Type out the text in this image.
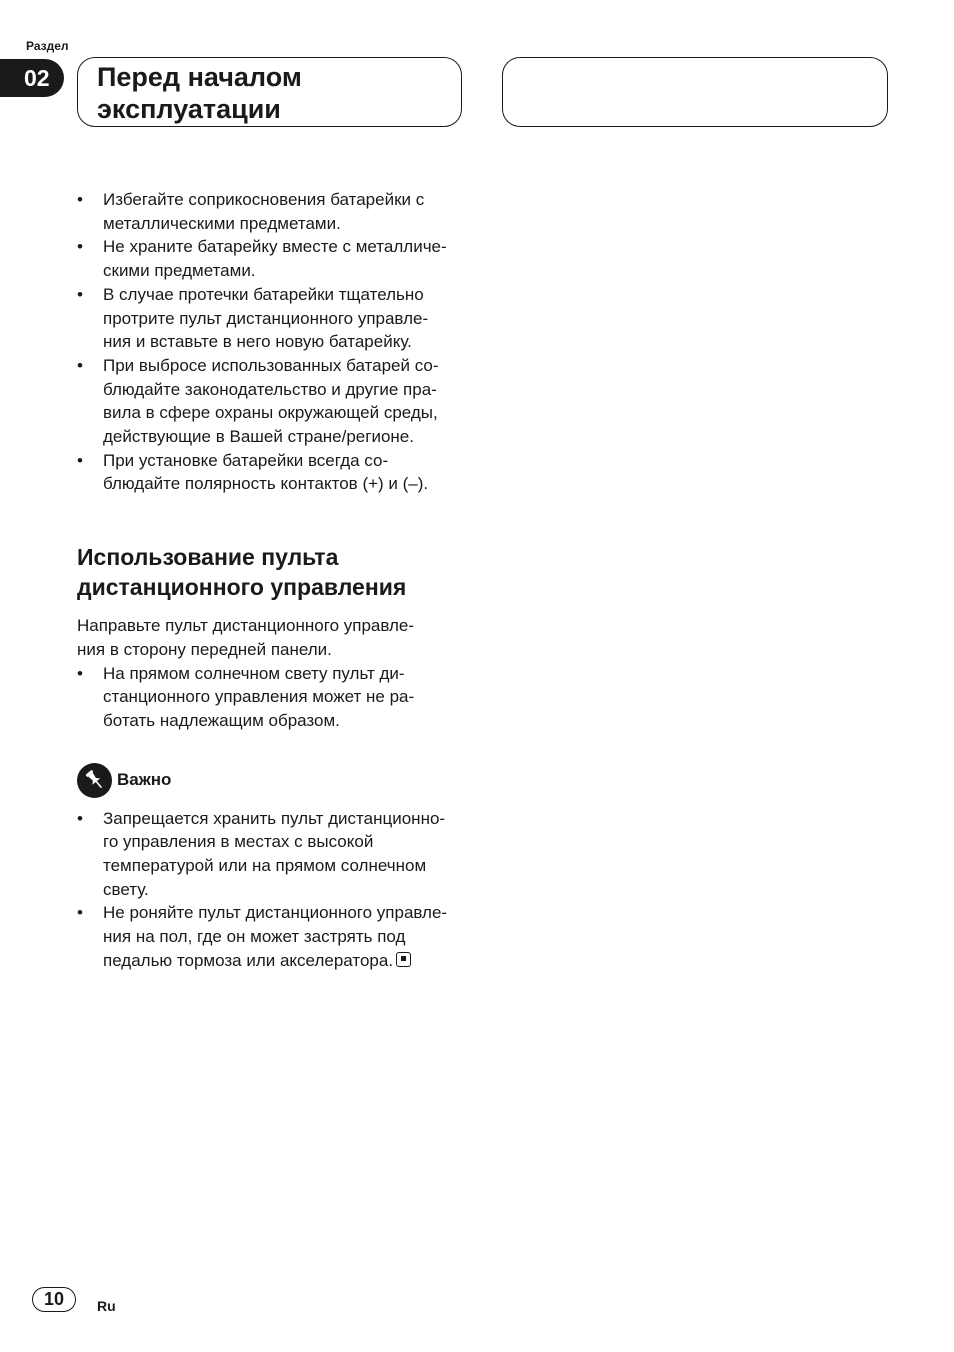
Раздел
02	Перед началом
эксплуатации
• Избегайте соприкосновения батарейки с
металлическими предметами.
• Не храните батарейку вместе с металличе-
скими предметами.
• В случае протечки батарейки тщательно
протрите пульт дистанционного управле-
ния и вставьте в него новую батарейку.
• При выбросе использованных батарей со-
блюдайте законодательство и другие пра-
вила в сфере охраны окружающей среды,
действующие в Вашей стране/регионе.
• При установке батарейки всегда со-
блюдайте полярность контактов (+) и (–).
Использование пульта
дистанционного управления

Направьте пульт дистанционного управле-
ния в сторону передней панели.

• На прямом солнечном свету пульт ди-
станционного управления может не ра-
ботать надлежащим образом.
Важно
• Запрещается хранить пульт дистанционно-
го управления в местах с высокой
температурой или на прямом солнечном
свету.
• Не роняйте пульт дистанционного управле-
ния на пол, где он может застрять под
педалью тормоза или акселератора.
10	Ru
